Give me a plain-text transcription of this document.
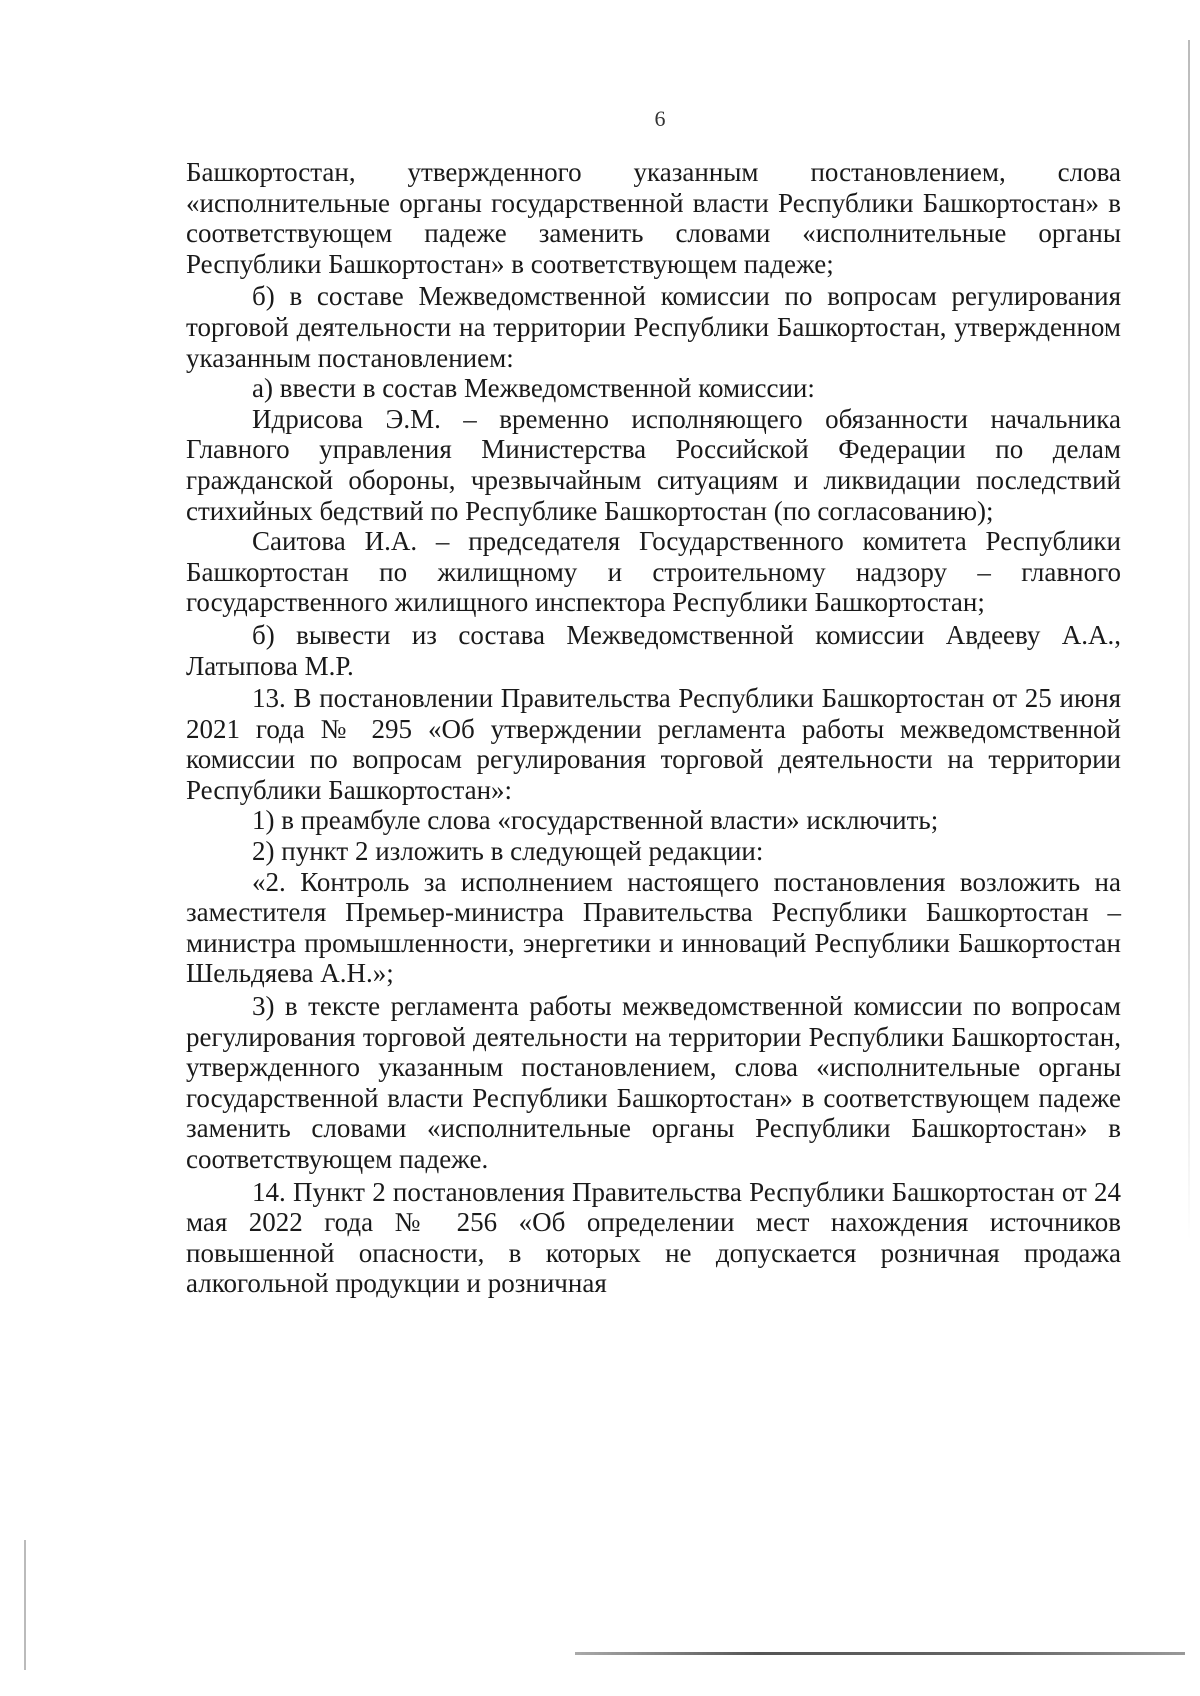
6

Башкортостан, утвержденного указанным постановлением, слова «исполнительные органы государственной власти Республики Башкортостан» в соответствующем падеже заменить словами «исполнительные органы Республики Башкортостан» в соответствующем падеже;

б) в составе Межведомственной комиссии по вопросам регулирования торговой деятельности на территории Республики Башкортостан, утвержденном указанным постановлением:

а) ввести в состав Межведомственной комиссии:

Идрисова Э.М. – временно исполняющего обязанности начальника Главного управления Министерства Российской Федерации по делам гражданской обороны, чрезвычайным ситуациям и ликвидации последствий стихийных бедствий по Республике Башкортостан (по согласованию);

Саитова И.А. – председателя Государственного комитета Республики Башкортостан по жилищному и строительному надзору – главного государственного жилищного инспектора Республики Башкортостан;

б) вывести из состава Межведомственной комиссии Авдееву А.А., Латыпова М.Р.

13. В постановлении Правительства Республики Башкортостан от 25 июня 2021 года № 295 «Об утверждении регламента работы межведомственной комиссии по вопросам регулирования торговой деятельности на территории Республики Башкортостан»:

1) в преамбуле слова «государственной власти» исключить;

2) пункт 2 изложить в следующей редакции:

«2. Контроль за исполнением настоящего постановления возложить на заместителя Премьер-министра Правительства Республики Башкортостан – министра промышленности, энергетики и инноваций Республики Башкортостан Шельдяева А.Н.»;

3) в тексте регламента работы межведомственной комиссии по вопросам регулирования торговой деятельности на территории Республики Башкортостан, утвержденного указанным постановлением, слова «исполнительные органы государственной власти Республики Башкортостан» в соответствующем падеже заменить словами «исполнительные органы Республики Башкортостан» в соответствующем падеже.

14. Пункт 2 постановления Правительства Республики Башкортостан от 24 мая 2022 года № 256 «Об определении мест нахождения источников повышенной опасности, в которых не допускается розничная продажа алкогольной продукции и розничная
